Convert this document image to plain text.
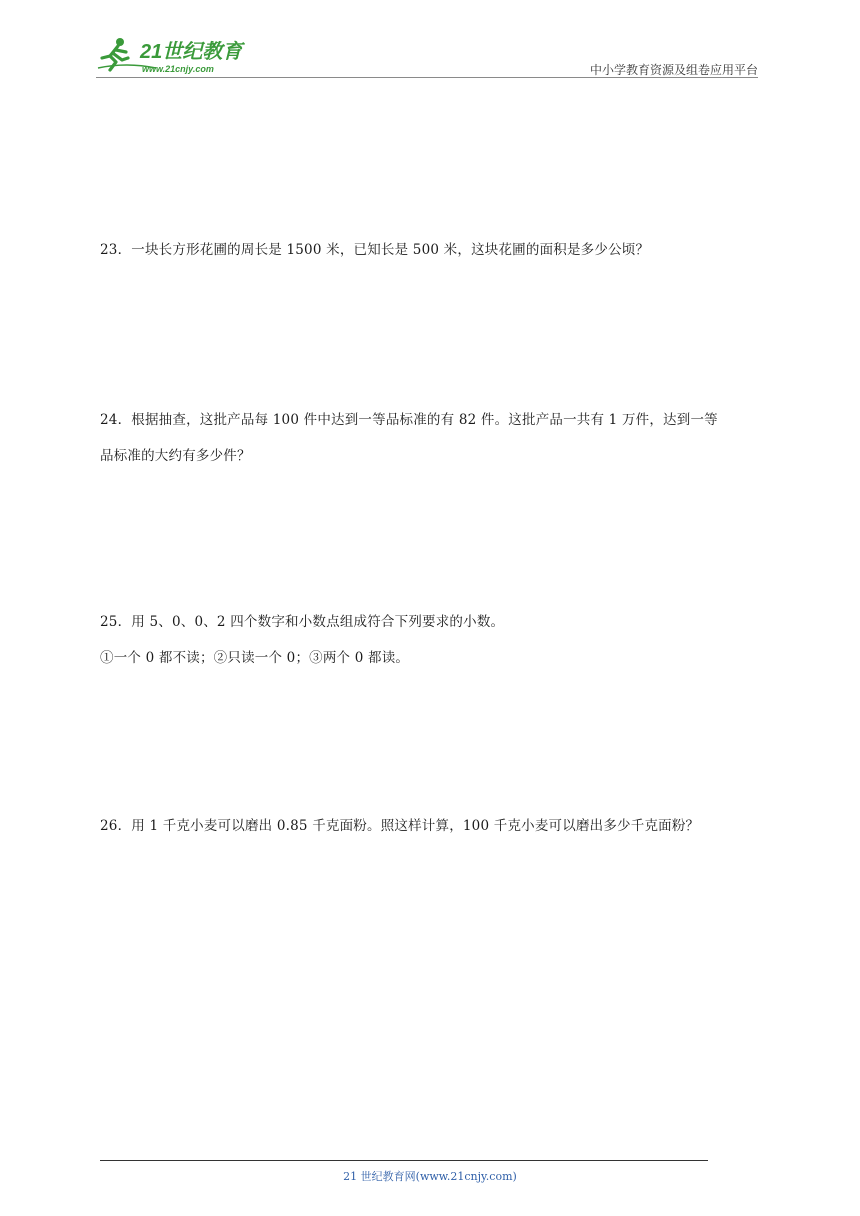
21世纪教育
www.21cnjy.com	中小学教育资源及组卷应用平台

23．一块长方形花圃的周长是 1500 米，已知长是 500 米，这块花圃的面积是多少公顷？

24．根据抽查，这批产品每 100 件中达到一等品标准的有 82 件。这批产品一共有 1 万件，达到一等

品标准的大约有多少件？

25．用 5、0、0、2 四个数字和小数点组成符合下列要求的小数。

①一个 0 都不读；②只读一个 0；③两个 0 都读。

26．用 1 千克小麦可以磨出 0.85 千克面粉。照这样计算，100 千克小麦可以磨出多少千克面粉？

21 世纪教育网(www.21cnjy.com)
